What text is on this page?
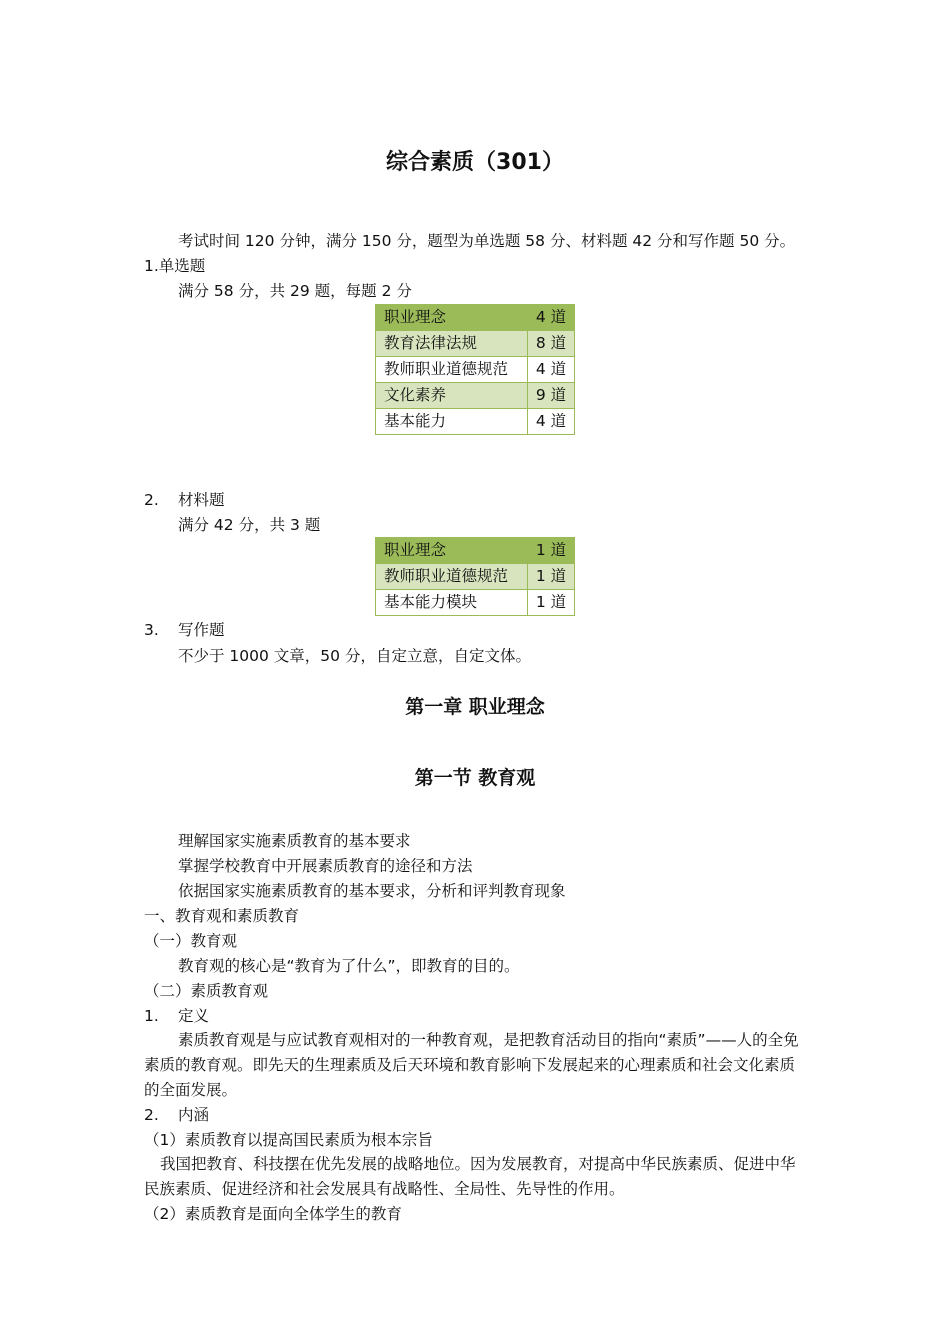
综合素质（301）
考试时间 120 分钟，满分 150 分，题型为单选题 58 分、材料题 42 分和写作题 50 分。
1.单选题
满分 58 分，共 29 题，每题 2 分
职业理念	4 道
教育法律法规	8 道
教师职业道德规范	4 道
文化素养	9 道
基本能力	4 道
2. 材料题
满分 42 分，共 3 题
职业理念	1 道
教师职业道德规范	1 道
基本能力模块	1 道
3. 写作题
不少于 1000 文章，50 分，自定立意，自定文体。
第一章 职业理念
第一节 教育观
理解国家实施素质教育的基本要求
掌握学校教育中开展素质教育的途径和方法
依据国家实施素质教育的基本要求，分析和评判教育现象
一、教育观和素质教育
（一）教育观
教育观的核心是“教育为了什么”，即教育的目的。
（二）素质教育观
1. 定义
素质教育观是与应试教育观相对的一种教育观，是把教育活动目的指向“素质”——人的全免素质的教育观。即先天的生理素质及后天环境和教育影响下发展起来的心理素质和社会文化素质的全面发展。
2. 内涵
（1）素质教育以提高国民素质为根本宗旨
我国把教育、科技摆在优先发展的战略地位。因为发展教育，对提高中华民族素质、促进中华民族素质、促进经济和社会发展具有战略性、全局性、先导性的作用。
（2）素质教育是面向全体学生的教育
